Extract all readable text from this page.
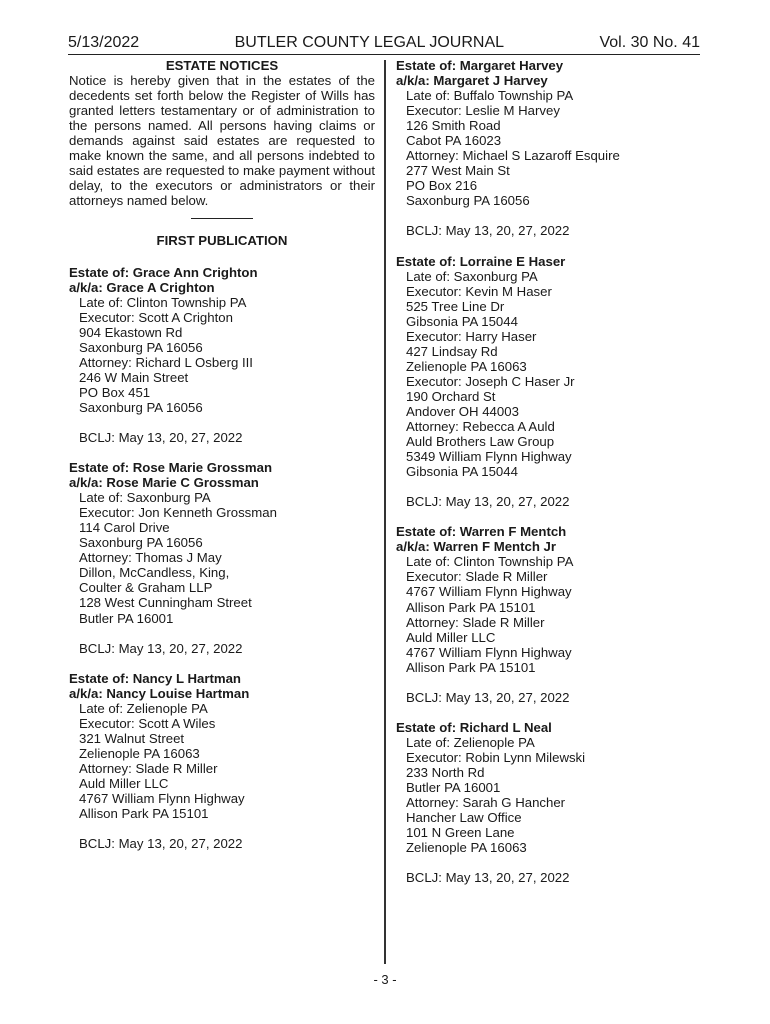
5/13/2022	BUTLER COUNTY LEGAL JOURNAL	Vol. 30 No. 41

ESTATE NOTICES

Notice is hereby given that in the estates of the decedents set forth below the Register of Wills has granted letters testamentary or of administration to the persons named. All persons having claims or demands against said estates are requested to make known the same, and all persons indebted to said estates are requested to make payment without delay, to the executors or administrators or their attorneys named below.

FIRST PUBLICATION

Estate of: Grace Ann Crighton
a/k/a: Grace A Crighton
Late of: Clinton Township PA
Executor: Scott A Crighton
904 Ekastown Rd
Saxonburg PA 16056
Attorney: Richard L Osberg III
246 W Main Street
PO Box 451
Saxonburg PA 16056
BCLJ: May 13, 20, 27, 2022
Estate of: Rose Marie Grossman
a/k/a: Rose Marie C Grossman
Late of: Saxonburg PA
Executor: Jon Kenneth Grossman
114 Carol Drive
Saxonburg PA 16056
Attorney: Thomas J May
Dillon, McCandless, King,
Coulter & Graham LLP
128 West Cunningham Street
Butler PA 16001
BCLJ: May 13, 20, 27, 2022
Estate of: Nancy L Hartman
a/k/a: Nancy Louise Hartman
Late of: Zelienople PA
Executor: Scott A Wiles
321 Walnut Street
Zelienople PA 16063
Attorney: Slade R Miller
Auld Miller LLC
4767 William Flynn Highway
Allison Park PA 15101
BCLJ: May 13, 20, 27, 2022
Estate of: Margaret Harvey
a/k/a: Margaret J Harvey
Late of: Buffalo Township PA
Executor: Leslie M Harvey
126 Smith Road
Cabot PA 16023
Attorney: Michael S Lazaroff Esquire
277 West Main St
PO Box 216
Saxonburg PA 16056
BCLJ: May 13, 20, 27, 2022
Estate of: Lorraine E Haser
Late of: Saxonburg PA
Executor: Kevin M Haser
525 Tree Line Dr
Gibsonia PA 15044
Executor: Harry Haser
427 Lindsay Rd
Zelienople PA 16063
Executor: Joseph C Haser Jr
190 Orchard St
Andover OH 44003
Attorney: Rebecca A Auld
Auld Brothers Law Group
5349 William Flynn Highway
Gibsonia PA 15044
BCLJ: May 13, 20, 27, 2022
Estate of: Warren F Mentch
a/k/a: Warren F Mentch Jr
Late of: Clinton Township PA
Executor: Slade R Miller
4767 William Flynn Highway
Allison Park PA 15101
Attorney: Slade R Miller
Auld Miller LLC
4767 William Flynn Highway
Allison Park PA 15101
BCLJ: May 13, 20, 27, 2022
Estate of: Richard L Neal
Late of: Zelienople PA
Executor: Robin Lynn Milewski
233 North Rd
Butler PA 16001
Attorney: Sarah G Hancher
Hancher Law Office
101 N Green Lane
Zelienople PA 16063
BCLJ: May 13, 20, 27, 2022
- 3 -
